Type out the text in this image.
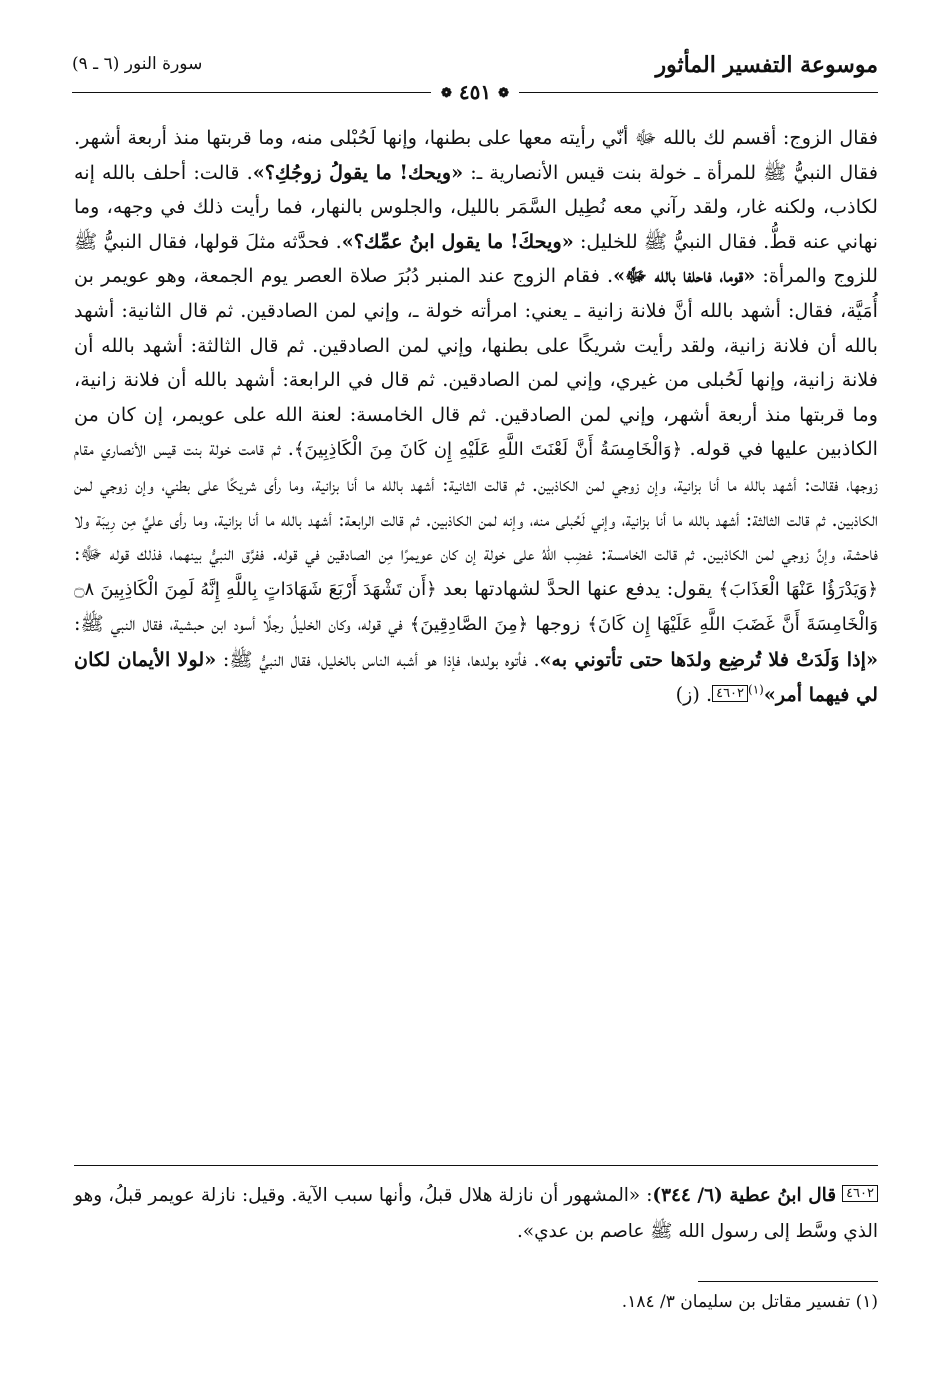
موسوعة التفسير المأثور
سورة النور (٦ ـ ٩)
❁ ٤٥١ ❁

فقال الزوج: أقسم لك بالله ﷻ أنّي رأيته معها على بطنها، وإنها لَحُبْلى منه، وما قربتها منذ أربعة أشهر. فقال النبيُّ ﷺ للمرأة ـ خولة بنت قيس الأنصارية ـ: «ويحك! ما يقولُ زوجُكِ؟». قالت: أحلف بالله إنه لكاذب، ولكنه غار، ولقد رآني معه نُطِيل السَّمَر بالليل، والجلوس بالنهار، فما رأيت ذلك في وجهه، وما نهاني عنه قطُّ. فقال النبيُّ ﷺ للخليل: «ويحكَ! ما يقول ابنُ عمِّك؟». فحدَّثه مثلَ قولها، فقال النبيُّ ﷺ للزوج والمرأة: «قوما، فاحلفا بالله ﷻ». فقام الزوج عند المنبر دُبُرَ صلاة العصر يوم الجمعة، وهو عويمر بن أُمَيَّة، فقال: أشهد بالله أنَّ فلانة زانية ـ يعني: امرأته خولة ـ، وإني لمن الصادقين. ثم قال الثانية: أشهد بالله أن فلانة زانية، ولقد رأيت شريكًا على بطنها، وإني لمن الصادقين. ثم قال الثالثة: أشهد بالله أن فلانة زانية، وإنها لَحُبلى من غيري، وإني لمن الصادقين. ثم قال في الرابعة: أشهد بالله أن فلانة زانية، وما قربتها منذ أربعة أشهر، وإني لمن الصادقين. ثم قال الخامسة: لعنة الله على عويمر، إن كان من الكاذبين عليها في قوله. ﴿وَالْخَامِسَةُ أَنَّ لَعْنَتَ اللَّهِ عَلَيْهِ إِن كَانَ مِنَ الْكَاذِبِينَ﴾. ثم قامت خولة بنت قيس الأنصاري مقام زوجها، فقالت: أشهد بالله ما أنا بزانية، وإن زوجي لمن الكاذبين. ثم قالت الثانية: أشهد بالله ما أنا بزانية، وما رأى شريكًا على بطني، وإن زوجي لمن الكاذبين. ثم قالت الثالثة: أشهد بالله ما أنا بزانية، وإني لَحُبلى منه، وإنه لمن الكاذبين. ثم قالت الرابعة: أشهد بالله ما أنا بزانية، وما رأى عليَّ مِن رِيبَة ولا فاحشة، وإنَّ زوجي لمن الكاذبين. ثم قالت الخامسة: غضِب اللهُ على خولة إن كان عويمرًا مِن الصادقين في قوله. ففرَّق النبيُّ بينهما، فذلك قوله ﷻ: ﴿وَيَدْرَؤُا عَنْهَا الْعَذَابَ﴾ يقول: يدفع عنها الحدَّ لشهادتها بعد ﴿أَن تَشْهَدَ أَرْبَعَ شَهَادَاتٍ بِاللَّهِ إِنَّهُ لَمِنَ الْكَاذِبِينَ ۝٨ وَالْخَامِسَةَ أَنَّ غَضَبَ اللَّهِ عَلَيْهَا إِن كَانَ﴾ زوجها ﴿مِنَ الصَّادِقِينَ﴾ في قوله، وكان الخليلُ رجلًا أسود ابن حبشية، فقال النبي ﷺ: «إذا وَلَدَتْ فلا تُرضِع ولدَها حتى تأتوني به». فأتوه بولدها، فإذا هو أشبه الناس بالخليل، فقال النبيُّ ﷺ: «لولا الأيمان لكان لي فيهما أمر»$^{(١)}$٤٦٠٢. (ز)

٤٦٠٢ قال ابنُ عطية (٦/ ٣٤٤): «المشهور أن نازلة هلال قبلُ، وأنها سبب الآية. وقيل: نازلة عويمر قبلُ، وهو الذي وسَّط إلى رسول الله ﷺ عاصم بن عدي».

(١) تفسير مقاتل بن سليمان ٣/ ١٨٤.
